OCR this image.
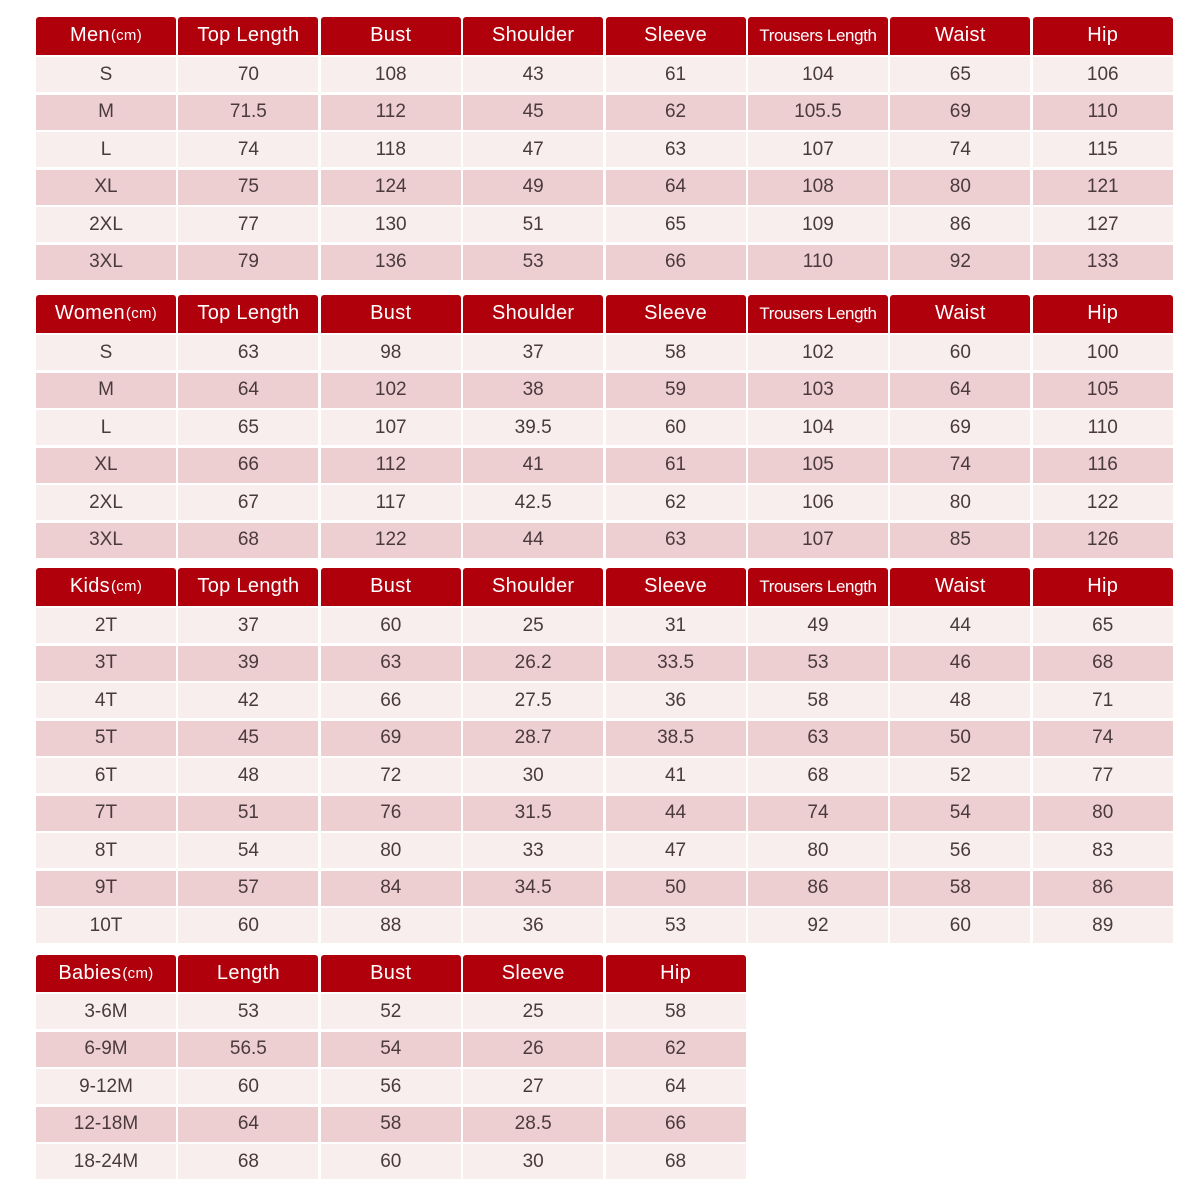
Men (cm)	Top Length	Bust	Shoulder	Sleeve	Trousers Length	Waist	Hip
S	70	108	43	61	104	65	106
M	71.5	112	45	62	105.5	69	110
L	74	118	47	63	107	74	115
XL	75	124	49	64	108	80	121
2XL	77	130	51	65	109	86	127
3XL	79	136	53	66	110	92	133
Women (cm)	Top Length	Bust	Shoulder	Sleeve	Trousers Length	Waist	Hip
S	63	98	37	58	102	60	100
M	64	102	38	59	103	64	105
L	65	107	39.5	60	104	69	110
XL	66	112	41	61	105	74	116
2XL	67	117	42.5	62	106	80	122
3XL	68	122	44	63	107	85	126
Kids (cm)	Top Length	Bust	Shoulder	Sleeve	Trousers Length	Waist	Hip
2T	37	60	25	31	49	44	65
3T	39	63	26.2	33.5	53	46	68
4T	42	66	27.5	36	58	48	71
5T	45	69	28.7	38.5	63	50	74
6T	48	72	30	41	68	52	77
7T	51	76	31.5	44	74	54	80
8T	54	80	33	47	80	56	83
9T	57	84	34.5	50	86	58	86
10T	60	88	36	53	92	60	89
Babies (cm)	Length	Bust	Sleeve	Hip
3-6M	53	52	25	58
6-9M	56.5	54	26	62
9-12M	60	56	27	64
12-18M	64	58	28.5	66
18-24M	68	60	30	68
